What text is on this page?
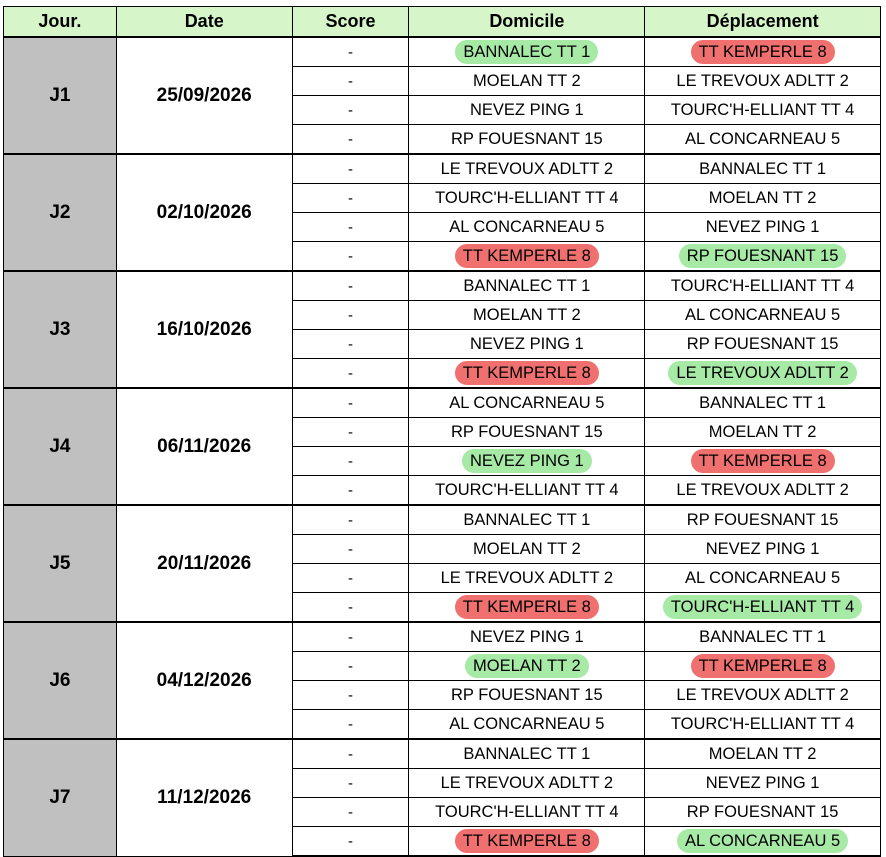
Jour.	Date	Score	Domicile	Déplacement
J1	25/09/2026	-	BANNALEC TT 1	TT KEMPERLE 8
		-	MOELAN TT 2	LE TREVOUX ADLTT 2
		-	NEVEZ PING 1	TOURC'H-ELLIANT TT 4
		-	RP FOUESNANT 15	AL CONCARNEAU 5
J2	02/10/2026	-	LE TREVOUX ADLTT 2	BANNALEC TT 1
		-	TOURC'H-ELLIANT TT 4	MOELAN TT 2
		-	AL CONCARNEAU 5	NEVEZ PING 1
		-	TT KEMPERLE 8	RP FOUESNANT 15
J3	16/10/2026	-	BANNALEC TT 1	TOURC'H-ELLIANT TT 4
		-	MOELAN TT 2	AL CONCARNEAU 5
		-	NEVEZ PING 1	RP FOUESNANT 15
		-	TT KEMPERLE 8	LE TREVOUX ADLTT 2
J4	06/11/2026	-	AL CONCARNEAU 5	BANNALEC TT 1
		-	RP FOUESNANT 15	MOELAN TT 2
		-	NEVEZ PING 1	TT KEMPERLE 8
		-	TOURC'H-ELLIANT TT 4	LE TREVOUX ADLTT 2
J5	20/11/2026	-	BANNALEC TT 1	RP FOUESNANT 15
		-	MOELAN TT 2	NEVEZ PING 1
		-	LE TREVOUX ADLTT 2	AL CONCARNEAU 5
		-	TT KEMPERLE 8	TOURC'H-ELLIANT TT 4
J6	04/12/2026	-	NEVEZ PING 1	BANNALEC TT 1
		-	MOELAN TT 2	TT KEMPERLE 8
		-	RP FOUESNANT 15	LE TREVOUX ADLTT 2
		-	AL CONCARNEAU 5	TOURC'H-ELLIANT TT 4
J7	11/12/2026	-	BANNALEC TT 1	MOELAN TT 2
		-	LE TREVOUX ADLTT 2	NEVEZ PING 1
		-	TOURC'H-ELLIANT TT 4	RP FOUESNANT 15
		-	TT KEMPERLE 8	AL CONCARNEAU 5
